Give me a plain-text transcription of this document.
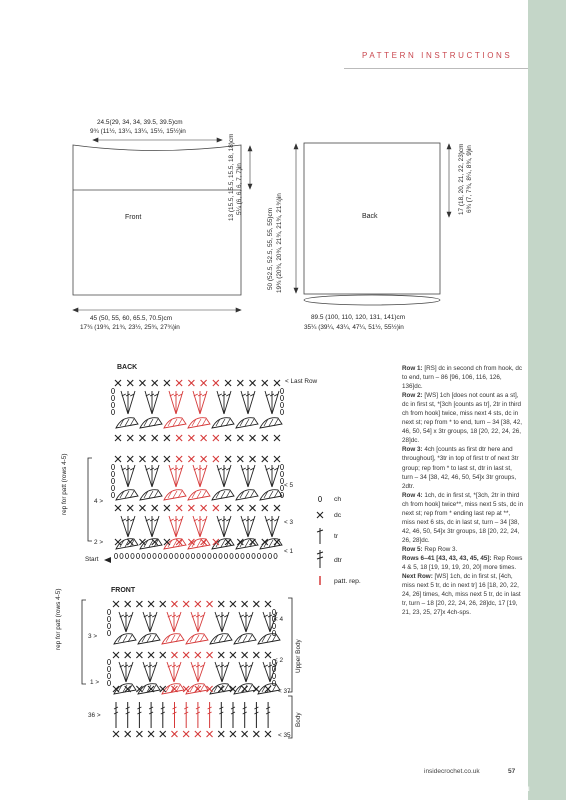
PATTERN INSTRUCTIONS
24.5(29, 34, 34, 39.5, 39.5)cm
9¾ (11½, 13¼, 13¼, 15½, 15½)in
13 (15.5, 15.5, 15.5, 18, 18)cm 5¼ (6, 6, 6, 7, 7)in
Front
45 (50, 55, 60, 65.5, 70.5)cm
17¾ (19¾, 21¾, 23½, 25¾, 27¾)in
50 (52.5, 52.5, 55, 55, 55)cm 19¾ (20¾, 20¾, 21¾, 21¾, 21¾)in	Back
17 (18, 20, 21, 22, 23)cm 6¾ (7, 7¾, 8¼, 8¾, 9)in
89.5 (100, 110, 120, 131, 141)cm
35¼ (39¼, 43¼, 47¼, 51½, 55½)in
BACK
< Last Row
rep for patt (rows 4-5)	4 >
2 >
Start
< 5
< 3
< 1
FRONT
rep for patt (rows 4-5)	3 >
1 >
36 >
< 4
< 2
< 37
< 35
Upper Body
Body
ch
dc
tr
dtr
patt. rep.

Row 1: [RS] dc in second ch from hook, dc to end, turn – 86 [96, 106, 116, 126, 136]dc.

Row 2: [WS] 1ch [does not count as a st], dc in first st, *[3ch [counts as tr], 2tr in third ch from hook] twice, miss next 4 sts, dc in next st; rep from * to end, turn – 34 [38, 42, 46, 50, 54] x 3tr groups, 18 [20, 22, 24, 26, 28]dc.

Row 3: 4ch [counts as first dtr here and throughout], *3tr in top of first tr of next 3tr group; rep from * to last st, dtr in last st, turn – 34 [38, 42, 46, 50, 54]x 3tr groups, 2dtr.

Row 4: 1ch, dc in first st, *[3ch, 2tr in third ch from hook] twice**, miss next 5 sts, dc in next st; rep from * ending last rep at **, miss next 6 sts, dc in last st, turn – 34 [38, 42, 46, 50, 54]x 3tr groups, 18 [20, 22, 24, 26, 28]dc.

Row 5: Rep Row 3.

Rows 6–41 [43, 43, 43, 45, 45]: Rep Rows 4 & 5, 18 [19, 19, 19, 20, 20] more times.

Next Row: [WS] 1ch, dc in first st, [4ch, miss next 5 tr, dc in next tr] 16 [18, 20, 22, 24, 26] times, 4ch, miss next 5 tr, dc in last tr, turn – 18 [20, 22, 24, 26, 28]dc, 17 [19, 21, 23, 25, 27]x 4ch-sps.

insidecrochet.co.uk	57
PassionForum.ru
